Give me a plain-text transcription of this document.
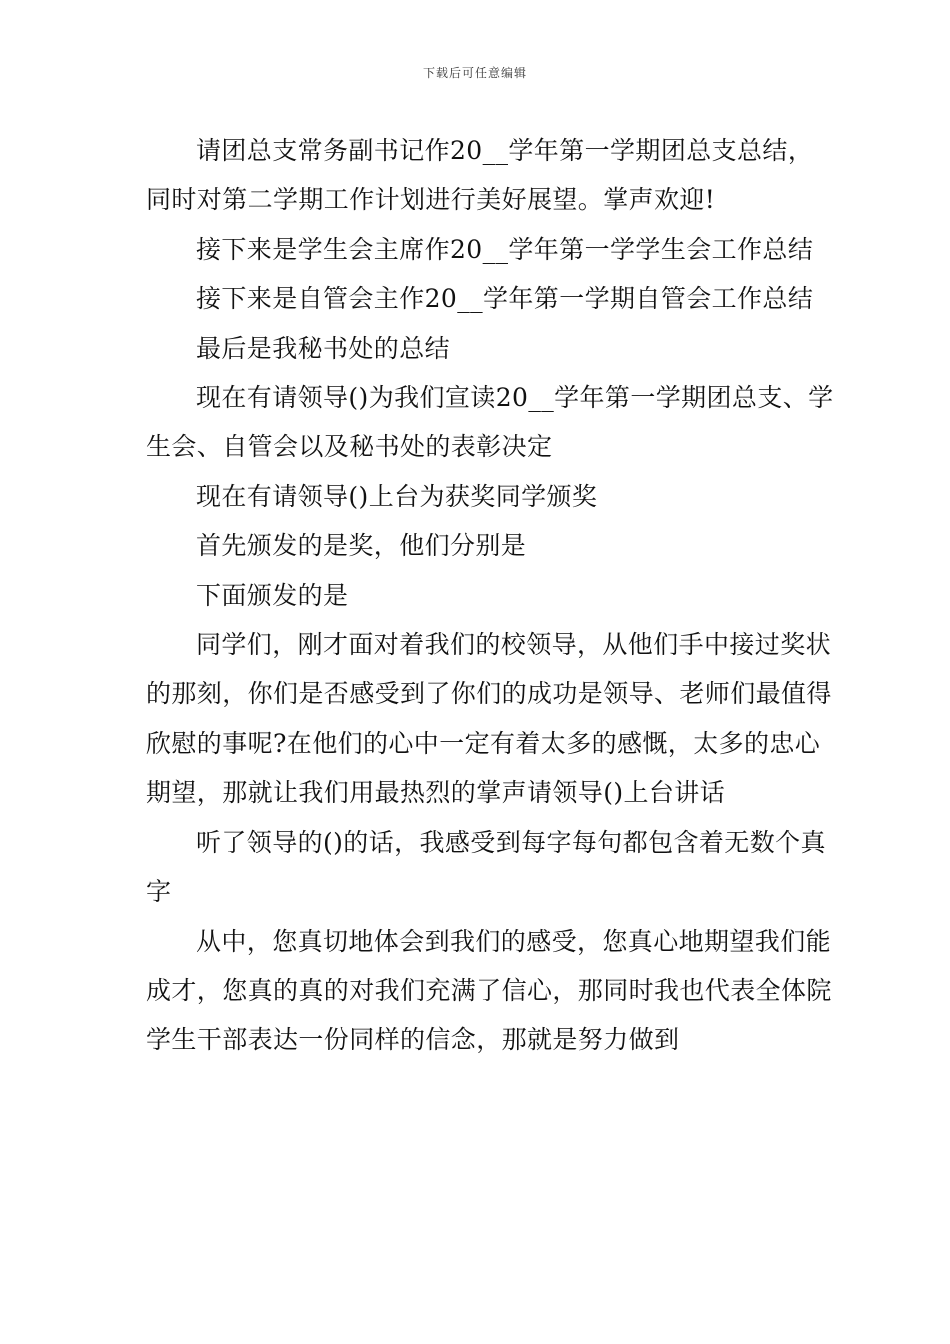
下载后可任意编辑

请团总支常务副书记作20__学年第一学期团总支总结，同时对第二学期工作计划进行美好展望。掌声欢迎!

接下来是学生会主席作20__学年第一学学生会工作总结

接下来是自管会主作20__学年第一学期自管会工作总结

最后是我秘书处的总结

现在有请领导()为我们宣读20__学年第一学期团总支、学生会、自管会以及秘书处的表彰决定

现在有请领导()上台为获奖同学颁奖

首先颁发的是奖，他们分别是

下面颁发的是

同学们，刚才面对着我们的校领导，从他们手中接过奖状的那刻，你们是否感受到了你们的成功是领导、老师们最值得欣慰的事呢?在他们的心中一定有着太多的感慨，太多的忠心期望，那就让我们用最热烈的掌声请领导()上台讲话

听了领导的()的话，我感受到每字每句都包含着无数个真字

从中，您真切地体会到我们的感受，您真心地期望我们能成才，您真的真的对我们充满了信心，那同时我也代表全体院学生干部表达一份同样的信念，那就是努力做到
